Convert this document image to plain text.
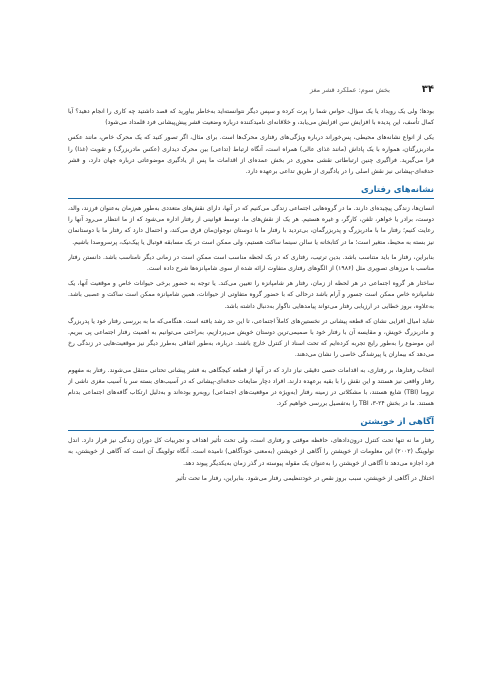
۳۴
بخش سوم: عملکرد قشر مغز

بودها؛ ولی یک رویداد یا یک سؤال، حواس شما را پرت کرده و سپس دیگر نتوانسته‌اید به‌خاطر بیاورید که قصد داشتید چه کاری را انجام دهید؟ آیا کمال تأسف، این پدیده با افزایش سن افزایش می‌یابد، و خلاقانه‌ای نامیدکننده درباره وضعیت قشر پیش‌پیشانی فرد قلمداد می‌شود)

یکی از انواع نشانه‌های محیطی، پس‌خوراند درباره ویژگی‌های رفتاری محرک‌ها است. برای مثال، اگر تصور کنید که یک محرک خاص، مانند عکس مادربزرگتان، همواره با یک پاداش (مانند غذای عالی) همراه است، آنگاه ارتباط (تداعی) بین محرک دیداری (عکس مادربزرگ) و تقویت (غذا) را فرا می‌گیرید. فراگیری چنین ارتباطاتی نقشی محوری در بخش عمده‌ای از اقدامات ما پس از یادگیری موضوعاتی درباره جهان دارد، و قشر حدقه‌ای-پیشانی نیز نقش اصلی را در یادگیری از طریق تداعی برعهده دارد.

نشانه‌های رفتاری

انسان‌ها، زندگی پیچیده‌ای دارند. ما در گروه‌هایی اجتماعی زندگی می‌کنیم که در آنها، دارای نقش‌های متعددی به‌طور هم‌زمان به‌عنوان فرزند، والد، دوست، برادر یا خواهر، تلفن، کارگر، و غیره هستیم. هر یک از نقش‌های ما، توسط قوانینی از رفتار اداره می‌شود که از ما انتظار می‌رود آنها را رعایت کنیم؛ رفتار ما با مادربزرگ و پدربزرگمان، بی‌تردید با رفتار ما با دوستان نوجوان‌مان فرق می‌کند، و احتمال دارد که رفتار ما با دوستانمان نیز بسته به محیط، متغیر است؛ ما در کتابخانه یا سالن سینما ساکت هستیم، ولی ممکن است در یک مسابقه فوتبال یا پیک‌نیک، پرسروصدا باشیم.

بنابراین، رفتار ما باید متناسب باشد. بدین ترتیب، رفتاری که در یک لحظه مناسب است ممکن است در زمانی دیگر نامناسب باشد. دانستن رفتار مناسب با مرزهای تصویری مثل (۱۹۸۶) از الگوهای رفتاری متفاوت ارائه شده از سوی شامپانزه‌ها شرح داده است.

ساختار هر گروه اجتماعی در هر لحظه از زمان، رفتار هر شامپانزه را تعیین می‌کند. یا توجه به حضور برخی حیوانات خاص و موقعیت آنها، یک شامپانزه خاص ممکن است جسور و آرام باشد درحالی که با حضور گروه متفاوتی از حیوانات، همین شامپانزه ممکن است ساکت و عصبی باشد. به‌علاوه، بروز خطایی در ارزیابی رفتار می‌تواند پیامدهایی ناگوار به‌دنبال داشته باشد.

شاید امیال افزایی نشان که قطعه پیشانی در نخستین‌های کاملاً اجتماعی، تا این حد رشد یافته است. هنگامی‌که ما به بررسی رفتار خود یا پدربزرگ و مادربزرگ خویش، و مقایسه آن با رفتار خود با صمیمی‌ترین دوستان خویش می‌پردازیم، به‌راحتی می‌توانیم به اهمیت رفتار اجتماعی پی ببریم. این موضوع را به‌طور رایج تجربه کرده‌ایم که تحت اسناد از کنترل خارج باشند. درباره، به‌طور اتفاقی به‌طرز دیگر نیز موقعیت‌هایی در زندگی رخ می‌دهد که بیماران یا پیرشدگی خاصی را نشان می‌دهند.

انتخاب رفتارها، بر رفتاری، به اقدامات حسی دقیقی نیاز دارد که در آنها از قطعه کیجگاهی به قشر پیشانی تحتانی منتقل می‌شوند. رفتار به مفهوم رفتار واقعی نیز هستند و این نقش را با بقیه برعهده دارند. افراد دچار ضایعات حدقه‌ای-پیشانی که در آسیب‌های بسته سر یا آسیب مغزی ناشی از تروما (TBI) شایع هستند، با مشکلاتی در زمینه رفتار (به‌ویژه در موقعیت‌های اجتماعی) روبه‌رو بوده‌اند و به‌دلیل ارتکاب گافه‌های اجتماعی بدنام هستند. ما در بخش ۲۴-۳، TBI را به‌تفصیل بررسی خواهیم کرد.

آگاهی از خویشتن

رفتار ما نه تنها تحت کنترل درون‌دادهای، حافظه موقتی و رفتاری است، ولی تحت تأثیر اهداف و تجربیات کل دوران زندگی نیز قرار دارد. اندل تولوینگ (۲۰۰۲) این معلومات از خویشتن را آگاهی از خویشتن (به‌معنی خودآگاهی) نامیده است. آنگاه تولوینگ آن است که آگاهی از خویشتن، به فرد اجازه می‌دهد تا آگاهی از خویشتن را به‌عنوان یک مقوله پیوسته در گذر زمان به‌یکدیگر پیوند دهد.

اختلال در آگاهی از خویشتن، سبب بروز نقص در خودتنظیمی رفتار می‌شود. بنابراین، رفتار ما تحت تأثیر
